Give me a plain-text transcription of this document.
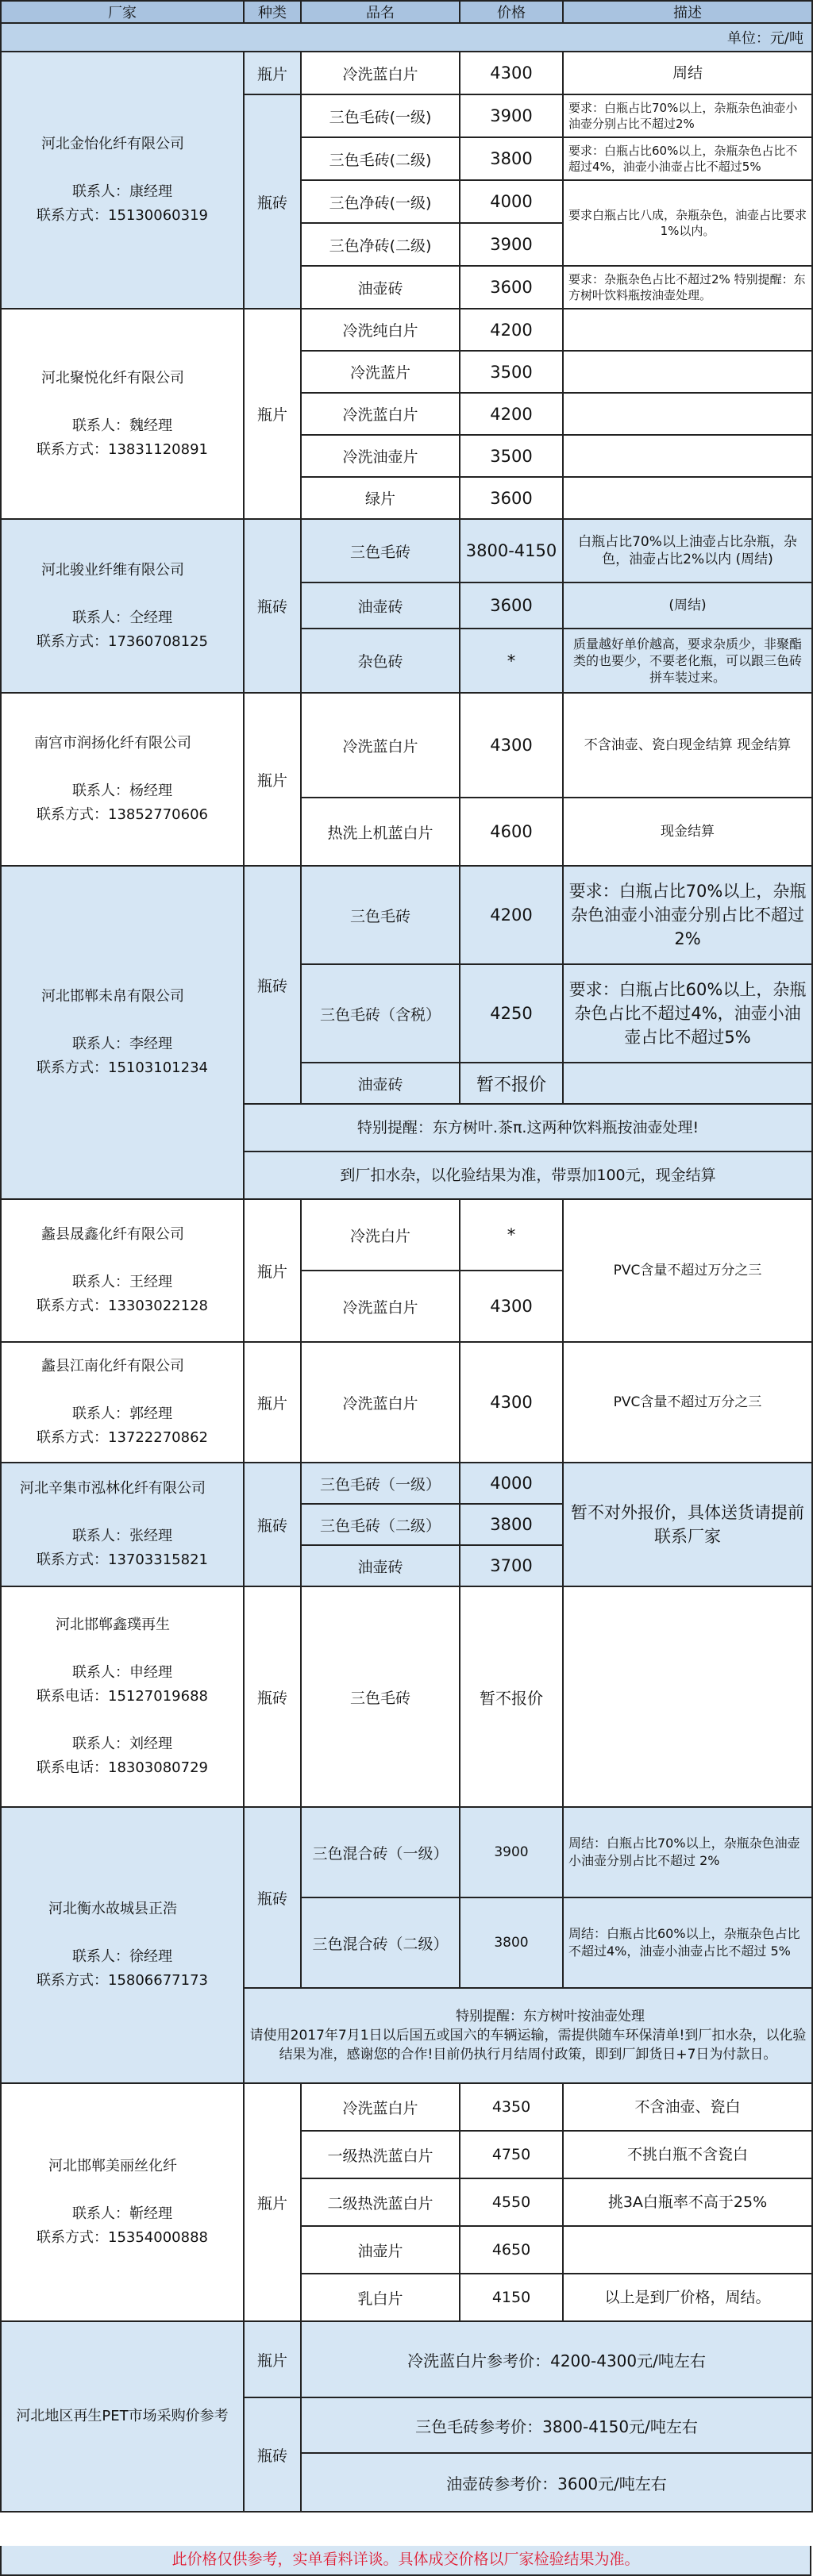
厂家	种类	品名	价格	描述
单位：元/吨				

河北金怡化纤有限公司

联系人：康经理
联系方式：15130060319	瓶片	冷洗蓝白片	4300	周结
	瓶砖	三色毛砖(一级)	3900	要求：白瓶占比70%以上，杂瓶杂色油壶小油壶分别占比不超过2%
		三色毛砖(二级)	3800	要求：白瓶占比60%以上，杂瓶杂色占比不超过4%，油壶小油壶占比不超过5%
		三色净砖(一级)	4000	要求白瓶占比八成，杂瓶杂色，油壶占比要求1%以内。
		三色净砖(二级)	3900	
		油壶砖	3600	要求：杂瓶杂色占比不超过2% 特别提醒：东方树叶饮料瓶按油壶处理。

河北聚悦化纤有限公司

联系人：魏经理
联系方式：13831120891	瓶片	冷洗纯白片	4200	
		冷洗蓝片	3500	
		冷洗蓝白片	4200	
		冷洗油壶片	3500	
		绿片	3600	

河北骏业纤维有限公司

联系人：仝经理
联系方式：17360708125	瓶砖	三色毛砖	3800-4150	白瓶占比70%以上油壶占比杂瓶，杂色，油壶占比2%以内 (周结)
		油壶砖	3600	(周结)
		杂色砖	*	质量越好单价越高，要求杂质少，非聚酯类的也要少，不要老化瓶，可以跟三色砖拼车装过来。

南宫市润扬化纤有限公司

联系人：杨经理
联系方式：13852770606	瓶片	冷洗蓝白片	4300	不含油壶、瓷白现金结算 现金结算
		热洗上机蓝白片	4600	现金结算

河北邯郸未帛有限公司

联系人：李经理
联系方式：15103101234	瓶砖	三色毛砖	4200	要求：白瓶占比70%以上，杂瓶杂色油壶小油壶分别占比不超过2%
		三色毛砖（含税）	4250	要求：白瓶占比60%以上，杂瓶杂色占比不超过4%，油壶小油壶占比不超过5%
		油壶砖	暂不报价	
	特别提醒：东方树叶.茶π.这两种饮料瓶按油壶处理!			
	到厂扣水杂，以化验结果为准，带票加100元，现金结算			

蠡县晟鑫化纤有限公司

联系人：王经理
联系方式：13303022128	瓶片	冷洗白片	*	PVC含量不超过万分之三
		冷洗蓝白片	4300	

蠡县江南化纤有限公司

联系人：郭经理
联系方式：13722270862	瓶片	冷洗蓝白片	4300	PVC含量不超过万分之三

河北辛集市泓林化纤有限公司

联系人：张经理
联系方式：13703315821	瓶砖	三色毛砖（一级）	4000	暂不对外报价，具体送货请提前联系厂家
		三色毛砖（二级）	3800	
		油壶砖	3700	

河北邯郸鑫璞再生

联系人：申经理
联系电话：15127019688

联系人：刘经理
联系电话：18303080729	瓶砖	三色毛砖	暂不报价	

河北衡水故城县正浩

联系人：徐经理
联系方式：15806677173	瓶砖	三色混合砖（一级）	3900	周结：白瓶占比70%以上，杂瓶杂色油壶小油壶分别占比不超过 2%
		三色混合砖（二级）	3800	周结：白瓶占比60%以上，杂瓶杂色占比不超过4%，油壶小油壶占比不超过 5%

	特别提醒：东方树叶按油壶处理
请使用2017年7月1日以后国五或国六的车辆运输，需提供随车环保清单!到厂扣水杂，以化验结果为准，感谢您的合作!目前仍执行月结周付政策，即到厂卸货日+7日为付款日。			

河北邯郸美丽丝化纤

联系人：靳经理
联系方式：15354000888	瓶片	冷洗蓝白片	4350	不含油壶、瓷白
		一级热洗蓝白片	4750	不挑白瓶不含瓷白
		二级热洗蓝白片	4550	挑3A白瓶率不高于25%
		油壶片	4650	
		乳白片	4150	以上是到厂价格，周结。
河北地区再生PET市场采购价参考	瓶片	冷洗蓝白片参考价：4200-4300元/吨左右		
	瓶砖	三色毛砖参考价：3800-4150元/吨左右		
		油壶砖参考价：3600元/吨左右		
此价格仅供参考，实单看料详谈。具体成交价格以厂家检验结果为准。
